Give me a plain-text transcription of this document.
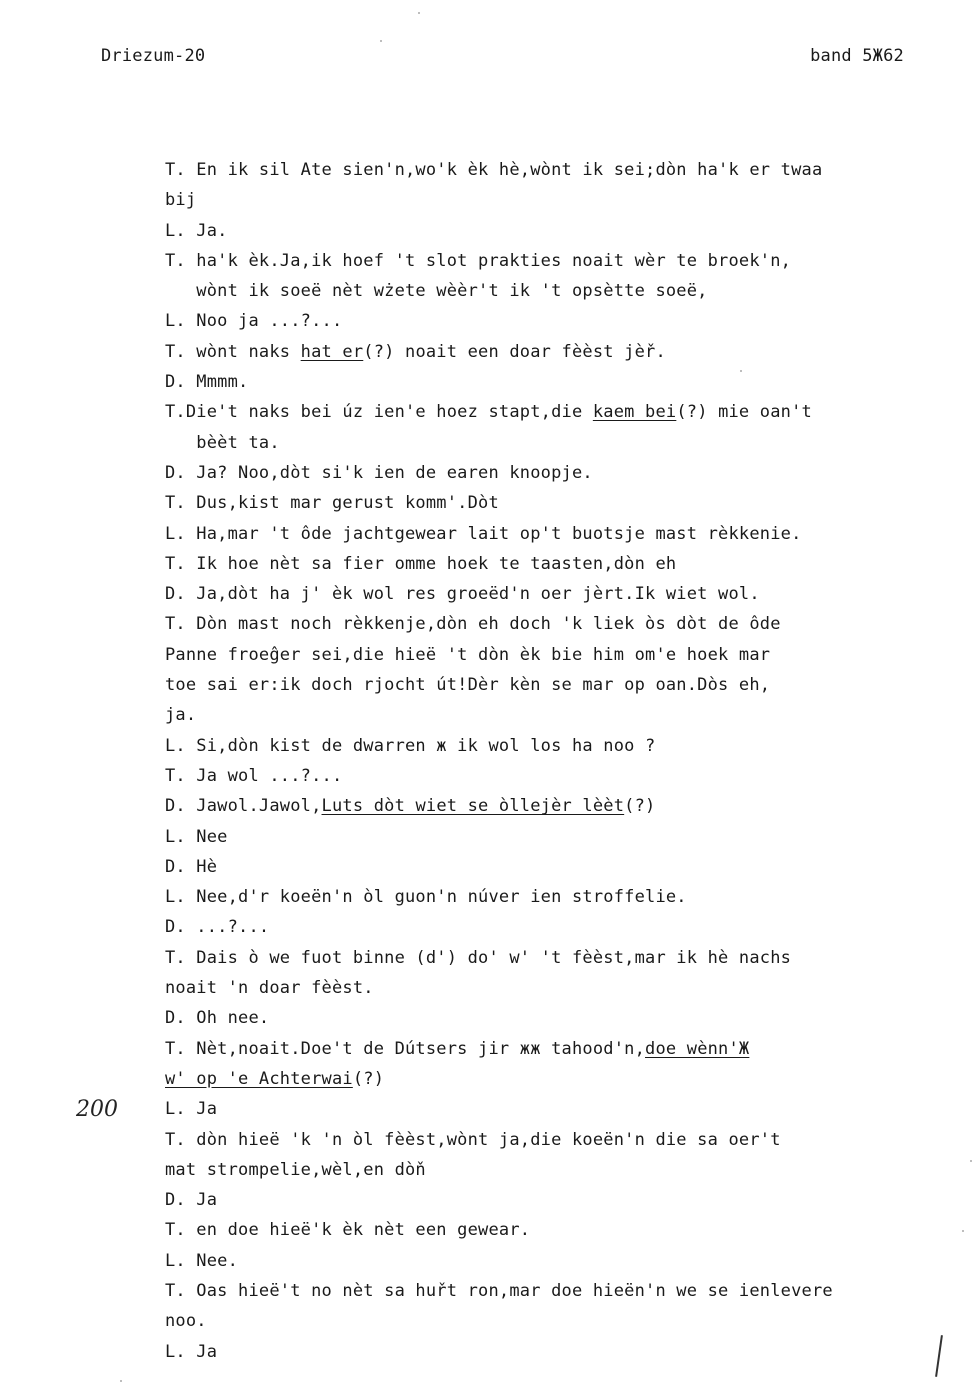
Driezum-20	band 5Ж62
200
T. En ik sil Ate sien'n,wo'k èk hè,wònt ik sei;dòn ha'k er twaa
bij
L. Ja.
T. ha'k èk.Ja,ik hoef 't slot prakties noait wèr te broek'n,
wònt ik soeë nèt wżete wèèr't ik 't opsètte soeë,
L. Noo ja ...?...
T. wònt naks hat er(?) noait een doar fèèst jèř.
D. Mmmm.
T.Die't naks bei úz ien'e hoez stapt,die kaem bei(?) mie oan't
bèèt ta.
D. Ja? Noo,dòt si'k ien de earen knoopje.
T. Dus,kist mar gerust komm'.Dòt
L. Ha,mar 't ôde jachtgewear lait op't buotsje mast rèkkenie.
T. Ik hoe nèt sa fier omme hoek te taasten,dòn eh
D. Ja,dòt ha j' èk wol res groeëd'n oer jèrt.Ik wiet wol.
T. Dòn mast noch rèkkenje,dòn eh doch 'k liek òs dòt de ôde
Panne froeĝer sei,die hieë 't dòn èk bie him om'e hoek mar
toe sai er:ik doch rjocht út!Dèr kèn se mar op oan.Dòs eh,
ja.
L. Si,dòn kist de dwarren ж ik wol los ha noo ?
T. Ja wol ...?...
D. Jawol.Jawol,Luts dòt wiet se òllejèr lèèt(?)
L. Nee
D. Hè
L. Nee,d'r koeën'n òl guon'n núver ien stroffelie.
D. ...?...
T. Dais ò we fuot binne (d') do' w' 't fèèst,mar ik hè nachs
noait 'n doar fèèst.
D. Oh nee.
T. Nèt,noait.Doe't de Dútsers jir жж tahood'n,doe wènn'Ж
w' op 'e Achterwai(?)
L. Ja
T. dòn hieë 'k 'n òl fèèst,wònt ja,die koeën'n die sa oer't
mat strompelie,wèl,en dòň
D. Ja
T. en doe hieë'k èk nèt een gewear.
L. Nee.
T. Oas hieë't no nèt sa huřt ron,mar doe hieën'n we se ienlevere
noo.
L. Ja
